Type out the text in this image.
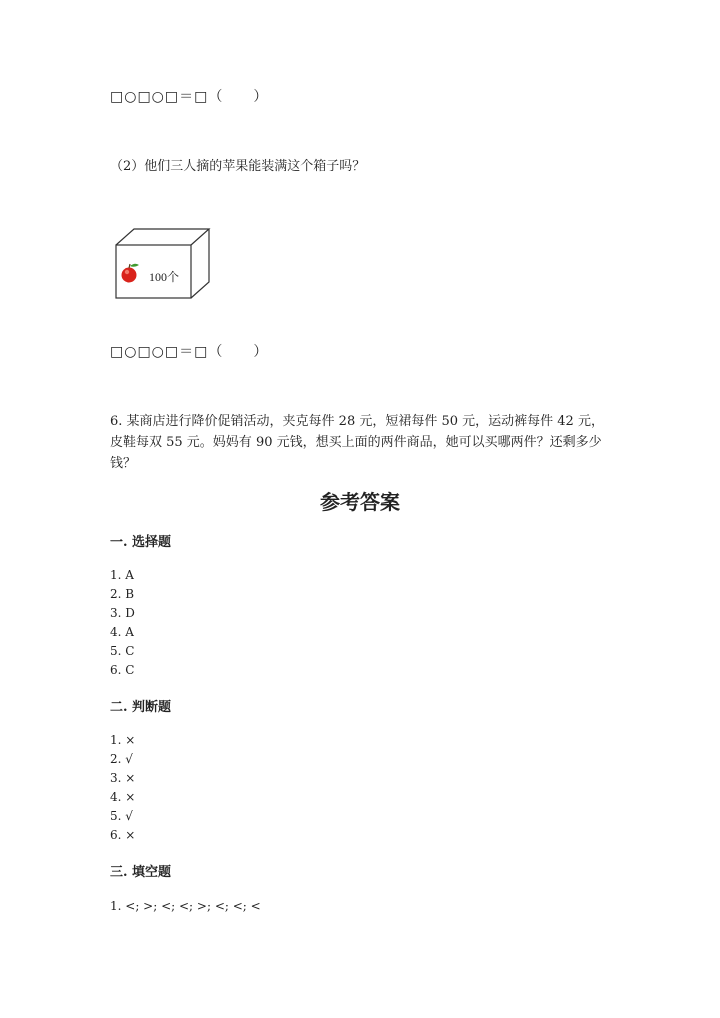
□○□○□＝□（　　）
（2）他们三人摘的苹果能装满这个箱子吗？
100个
□○□○□＝□（　　）
6. 某商店进行降价促销活动，夹克每件 28 元，短裙每件 50 元，运动裤每件 42 元，皮鞋每双 55 元。妈妈有 90 元钱，想买上面的两件商品，她可以买哪两件？还剩多少钱？
参考答案
一. 选择题
1. A
2. B
3. D
4. A
5. C
6. C
二. 判断题
1. ×
2. √
3. ×
4. ×
5. √
6. ×
三. 填空题
1. <; >; <; <; >; <; <; <
